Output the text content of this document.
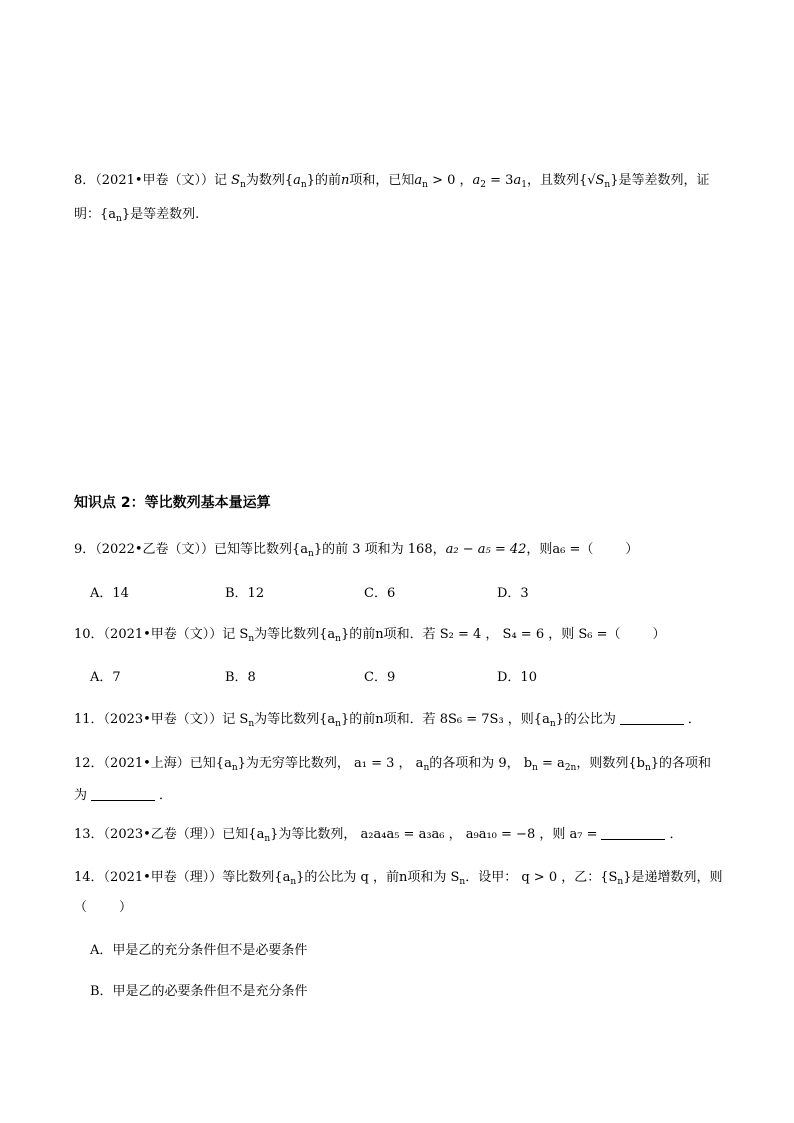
8．（2021•甲卷（文））记 $S_n$为数列$\{a_n\}$的前n项和，已知$a_n > 0$ ，$a_2 = 3a_1$，且数列$\{√S_n\}$是等差数列，证
明：$\{a_n\}$是等差数列.
知识点 2：等比数列基本量运算
9．（2022•乙卷（文））已知等比数列$\{a_n\}$的前 3 项和为 168，a₂ − a₅ = 42，则a₆ =（ ）
A．14	B．12	C．6	D．3
10．（2021•甲卷（文））记 $S_n$为等比数列$\{a_n\}$的前n项和．若 S₂ = 4 ， S₄ = 6 ，则 S₆ =（ ）
A．7	B．8	C．9	D．10
11．（2023•甲卷（文））记 $S_n$为等比数列$\{a_n\}$的前n项和．若 8S₆ = 7S₃ ，则$\{a_n\}$的公比为	．
12．（2021•上海）已知$\{a_n\}$为无穷等比数列， a₁ = 3 ， $a_n$的各项和为 9， $b_n = a_{2n}$，则数列$\{b_n\}$的各项和
为	．
13．（2023•乙卷（理））已知$\{a_n\}$为等比数列， a₂a₄a₅ = a₃a₆ ， a₉a₁₀ = −8 ，则 a₇ =	．
14．（2021•甲卷（理））等比数列$\{a_n\}$的公比为 q ，前n项和为 $S_n$．设甲： q > 0 ，乙：$\{S_n\}$是递增数列，则
（ ）
A．甲是乙的充分条件但不是必要条件
B．甲是乙的必要条件但不是充分条件
